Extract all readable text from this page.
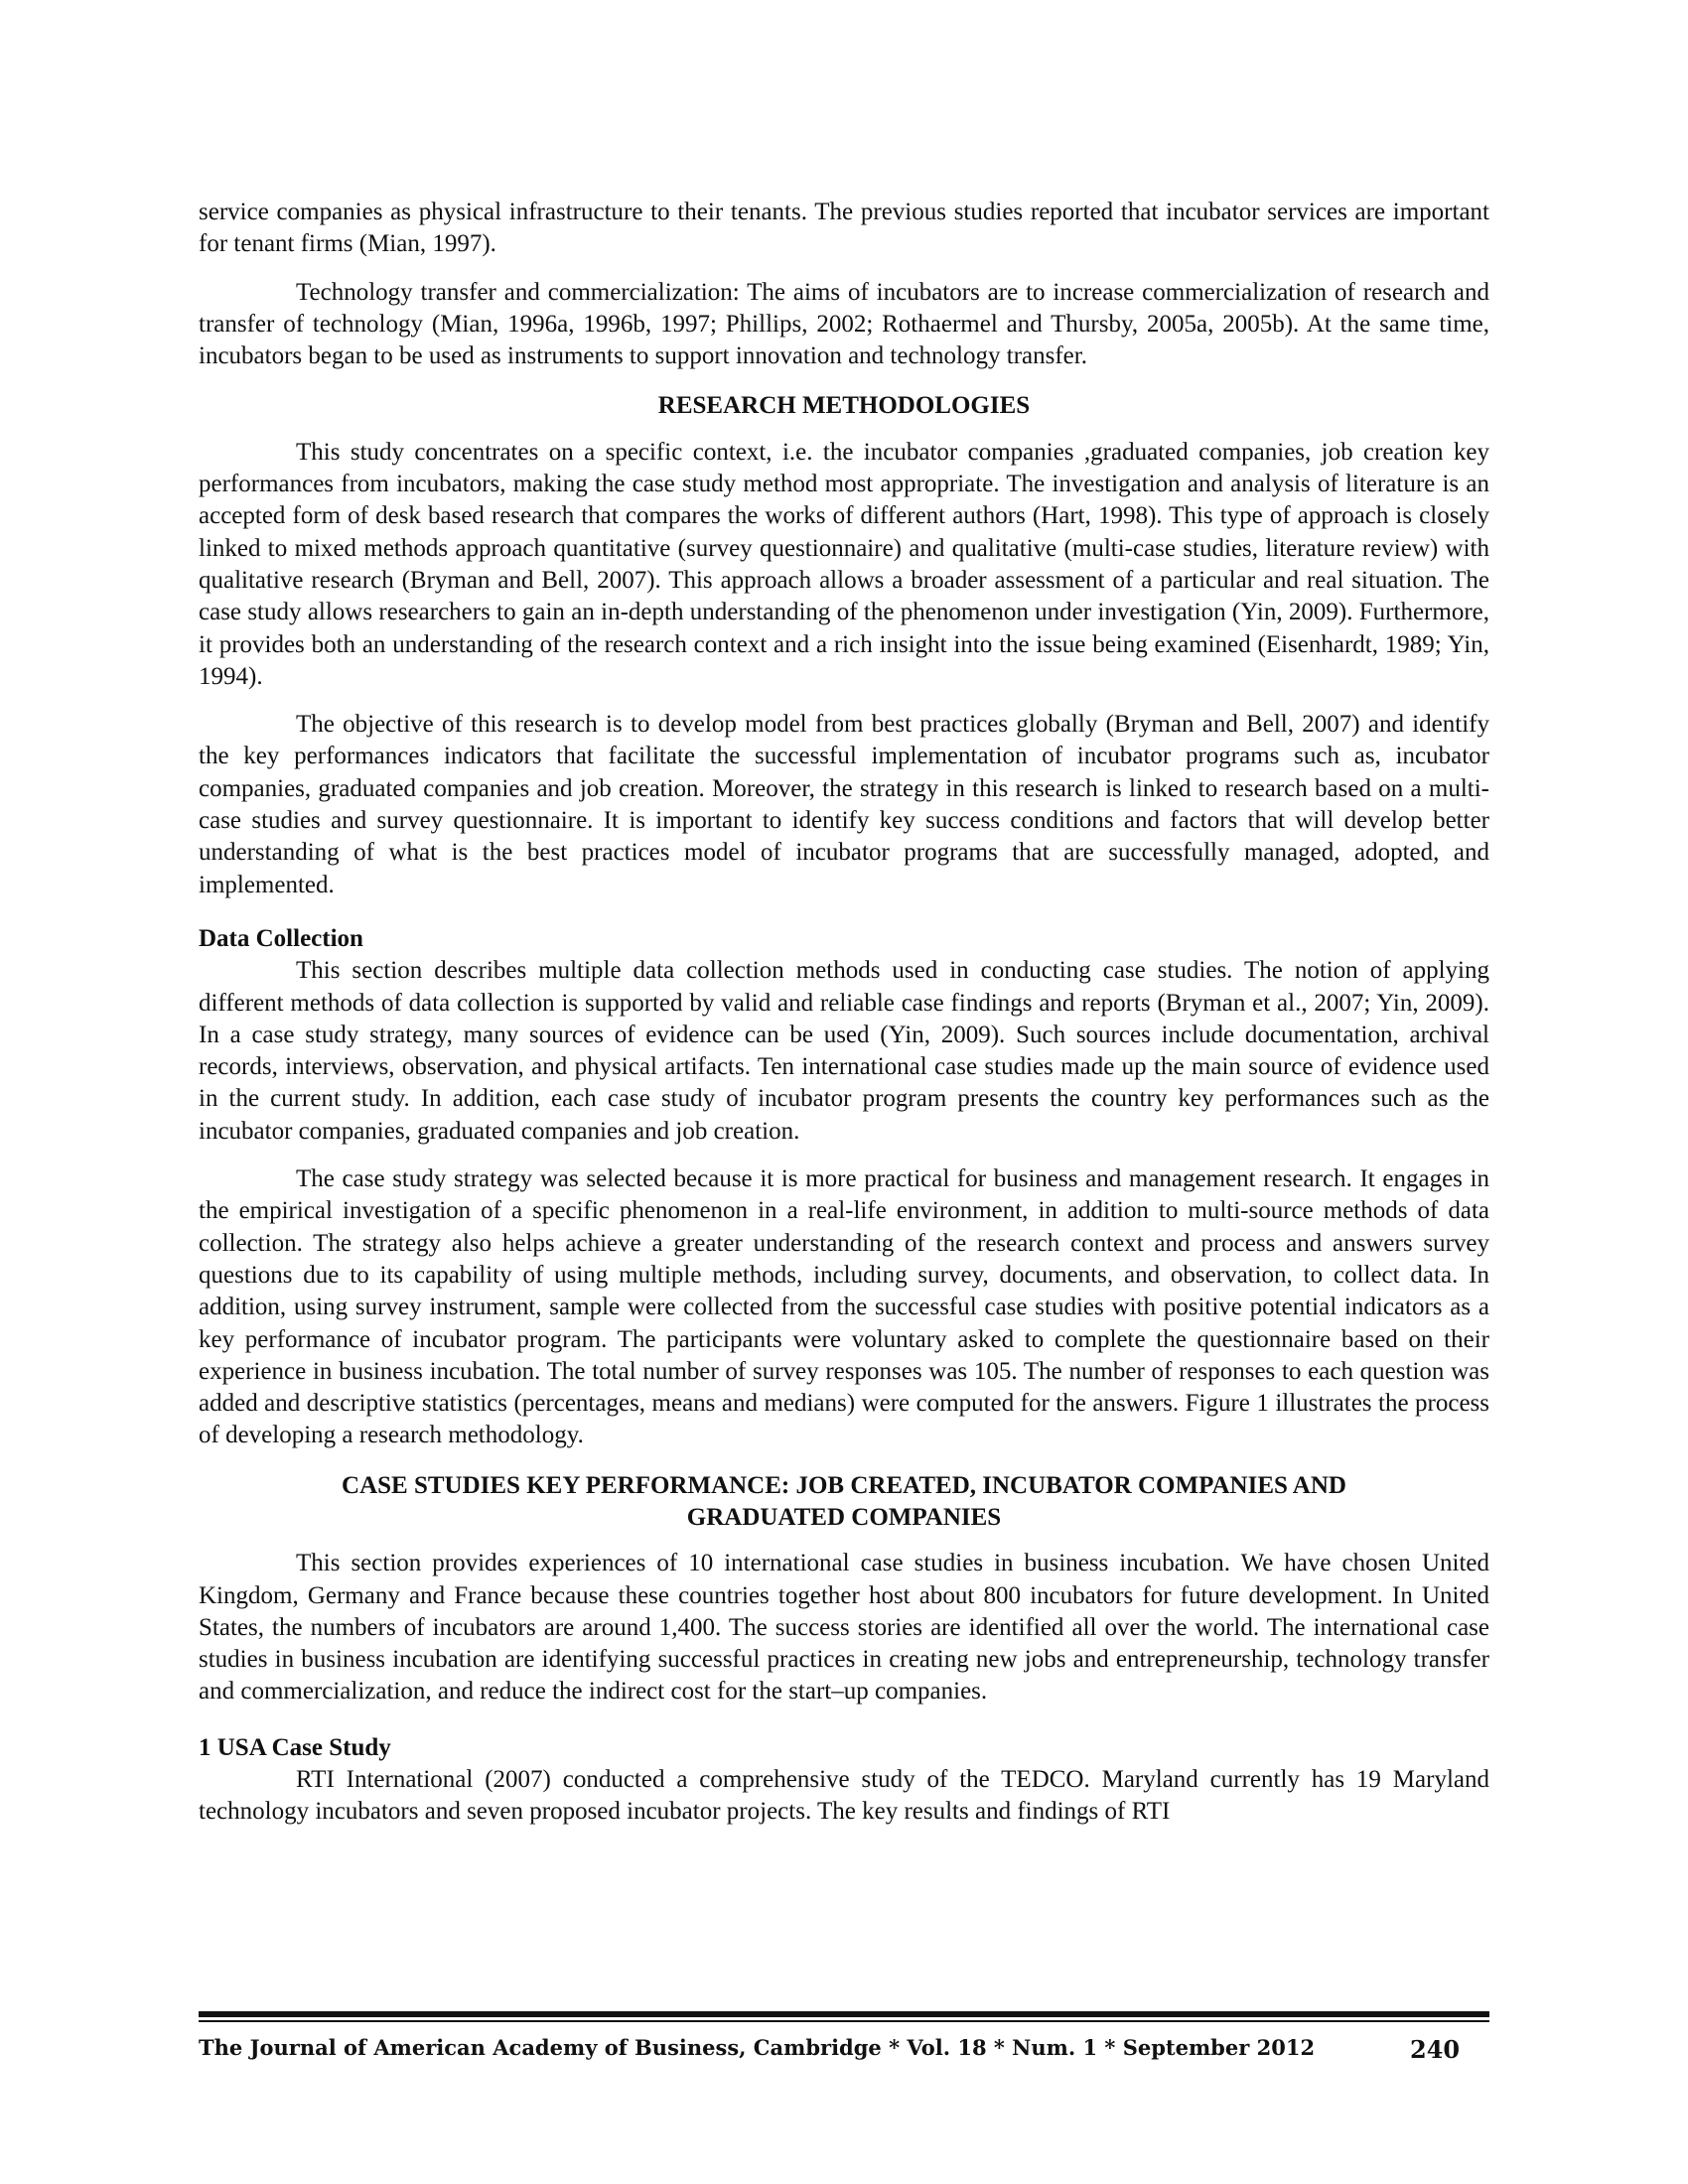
service companies as physical infrastructure to their tenants. The previous studies reported that incubator services are important for tenant firms (Mian, 1997).

Technology transfer and commercialization: The aims of incubators are to increase commercialization of research and transfer of technology (Mian, 1996a, 1996b, 1997; Phillips, 2002; Rothaermel and Thursby, 2005a, 2005b). At the same time, incubators began to be used as instruments to support innovation and technology transfer.

RESEARCH METHODOLOGIES

This study concentrates on a specific context, i.e. the incubator companies ,graduated companies, job creation key performances from incubators, making the case study method most appropriate. The investigation and analysis of literature is an accepted form of desk based research that compares the works of different authors (Hart, 1998). This type of approach is closely linked to mixed methods approach quantitative (survey questionnaire) and qualitative (multi-case studies, literature review) with qualitative research (Bryman and Bell, 2007). This approach allows a broader assessment of a particular and real situation. The case study allows researchers to gain an in-depth understanding of the phenomenon under investigation (Yin, 2009). Furthermore, it provides both an understanding of the research context and a rich insight into the issue being examined (Eisenhardt, 1989; Yin, 1994).

The objective of this research is to develop model from best practices globally (Bryman and Bell, 2007) and identify the key performances indicators that facilitate the successful implementation of incubator programs such as, incubator companies, graduated companies and job creation. Moreover, the strategy in this research is linked to research based on a multi-case studies and survey questionnaire. It is important to identify key success conditions and factors that will develop better understanding of what is the best practices model of incubator programs that are successfully managed, adopted, and implemented.

Data Collection

This section describes multiple data collection methods used in conducting case studies. The notion of applying different methods of data collection is supported by valid and reliable case findings and reports (Bryman et al., 2007; Yin, 2009). In a case study strategy, many sources of evidence can be used (Yin, 2009). Such sources include documentation, archival records, interviews, observation, and physical artifacts. Ten international case studies made up the main source of evidence used in the current study. In addition, each case study of incubator program presents the country key performances such as the incubator companies, graduated companies and job creation.

The case study strategy was selected because it is more practical for business and management research. It engages in the empirical investigation of a specific phenomenon in a real-life environment, in addition to multi-source methods of data collection. The strategy also helps achieve a greater understanding of the research context and process and answers survey questions due to its capability of using multiple methods, including survey, documents, and observation, to collect data. In addition, using survey instrument, sample were collected from the successful case studies with positive potential indicators as a key performance of incubator program. The participants were voluntary asked to complete the questionnaire based on their experience in business incubation. The total number of survey responses was 105. The number of responses to each question was added and descriptive statistics (percentages, means and medians) were computed for the answers. Figure 1 illustrates the process of developing a research methodology.

CASE STUDIES KEY PERFORMANCE: JOB CREATED, INCUBATOR COMPANIES AND
GRADUATED COMPANIES

This section provides experiences of 10 international case studies in business incubation. We have chosen United Kingdom, Germany and France because these countries together host about 800 incubators for future development. In United States, the numbers of incubators are around 1,400. The success stories are identified all over the world. The international case studies in business incubation are identifying successful practices in creating new jobs and entrepreneurship, technology transfer and commercialization, and reduce the indirect cost for the start–up companies.

1 USA Case Study

RTI International (2007) conducted a comprehensive study of the TEDCO. Maryland currently has 19 Maryland technology incubators and seven proposed incubator projects. The key results and findings of RTI

The Journal of American Academy of Business, Cambridge * Vol. 18 * Num. 1 * September 2012	240
